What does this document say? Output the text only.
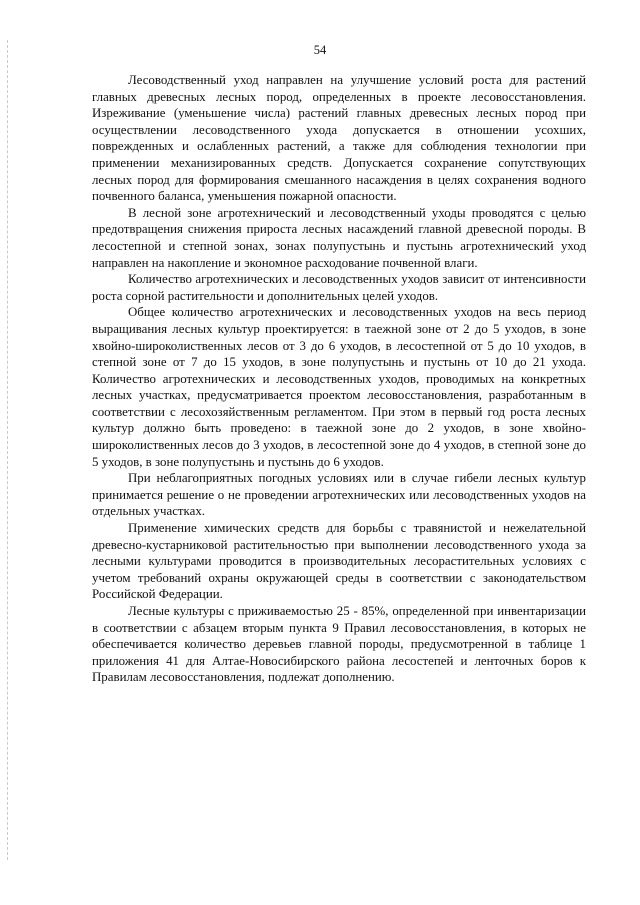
54

Лесоводственный уход направлен на улучшение условий роста для растений главных древесных лесных пород, определенных в проекте лесовосстановления. Изреживание (уменьшение числа) растений главных древесных лесных пород при осуществлении лесоводственного ухода допускается в отношении усохших, поврежденных и ослабленных растений, а также для соблюдения технологии при применении механизированных средств. Допускается сохранение сопутствующих лесных пород для формирования смешанного насаждения в целях сохранения водного почвенного баланса, уменьшения пожарной опасности.

В лесной зоне агротехнический и лесоводственный уходы проводятся с целью предотвращения снижения прироста лесных насаждений главной древесной породы. В лесостепной и степной зонах, зонах полупустынь и пустынь агротехнический уход направлен на накопление и экономное расходование почвенной влаги.

Количество агротехнических и лесоводственных уходов зависит от интенсивности роста сорной растительности и дополнительных целей уходов.

Общее количество агротехнических и лесоводственных уходов на весь период выращивания лесных культур проектируется: в таежной зоне от 2 до 5 уходов, в зоне хвойно-широколиственных лесов от 3 до 6 уходов, в лесостепной от 5 до 10 уходов, в степной зоне от 7 до 15 уходов, в зоне полупустынь и пустынь от 10 до 21 ухода. Количество агротехнических и лесоводственных уходов, проводимых на конкретных лесных участках, предусматривается проектом лесовосстановления, разработанным в соответствии с лесохозяйственным регламентом. При этом в первый год роста лесных культур должно быть проведено: в таежной зоне до 2 уходов, в зоне хвойно-широколиственных лесов до 3 уходов, в лесостепной зоне до 4 уходов, в степной зоне до 5 уходов, в зоне полупустынь и пустынь до 6 уходов.

При неблагоприятных погодных условиях или в случае гибели лесных культур принимается решение о не проведении агротехнических или лесоводственных уходов на отдельных участках.

Применение химических средств для борьбы с травянистой и нежелательной древесно-кустарниковой растительностью при выполнении лесоводственного ухода за лесными культурами проводится в производительных лесорастительных условиях с учетом требований охраны окружающей среды в соответствии с законодательством Российской Федерации.

Лесные культуры с приживаемостью 25 - 85%, определенной при инвентаризации в соответствии с абзацем вторым пункта 9 Правил лесовосстановления, в которых не обеспечивается количество деревьев главной породы, предусмотренной в таблице 1 приложения 41 для Алтае-Новосибирского района лесостепей и ленточных боров к Правилам лесовосстановления, подлежат дополнению.
